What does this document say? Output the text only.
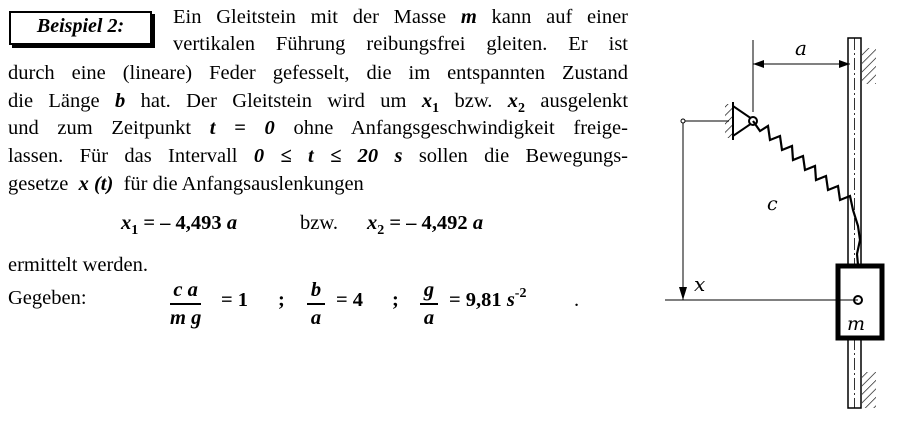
Beispiel 2:	Ein Gleitstein mit der Masse m kann auf einer
vertikalen Führung reibungsfrei gleiten. Er ist
durch eine (lineare) Feder gefesselt, die im entspannten Zustand
die Länge b hat. Der Gleitstein wird um $x_1$ bzw. $x_2$ ausgelenkt
und zum Zeitpunkt t = 0 ohne Anfangsgeschwindigkeit freige-
lassen. Für das Intervall 0 ≤ t ≤ 20 s sollen die Bewegungs-
gesetze x (t) für die Anfangsauslenkungen
$x_1$ = – 4,493 a	bzw. $x_2$ = – 4,492 a
ermittelt werden.
Gegeben:	c a
m g
= 1 ; b
a
= 4 ; g
a
= 9,81 $s^{-2}$ .
a
c
m
x
